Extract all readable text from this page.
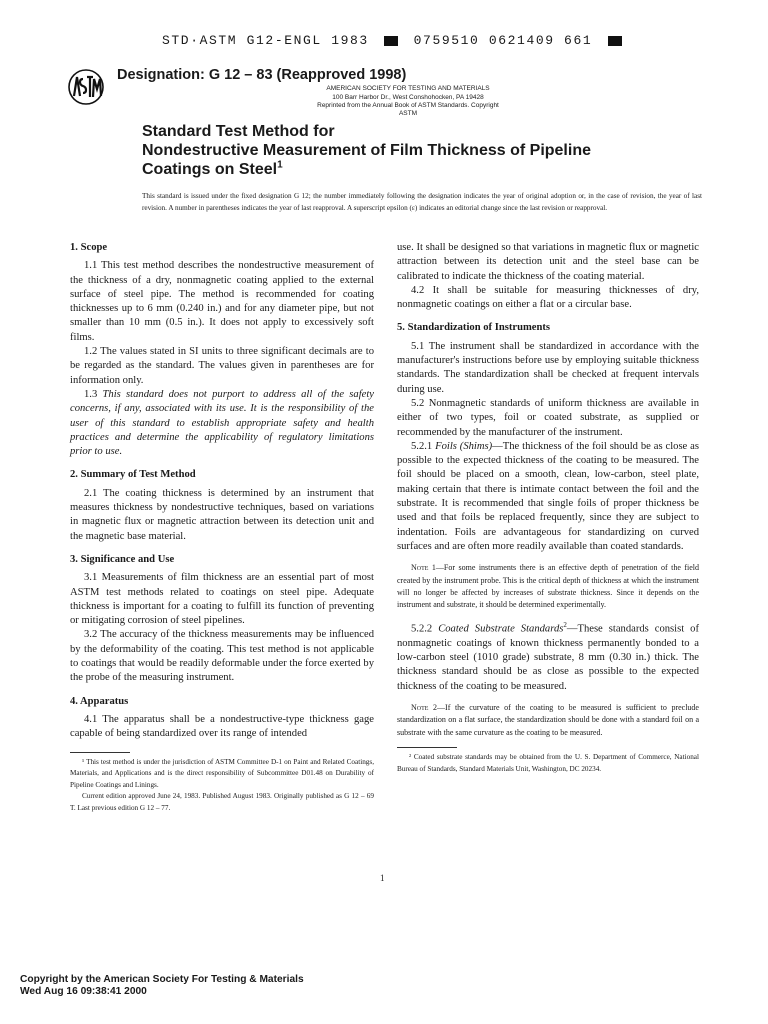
STD·ASTM G12-ENGL 1983	0759510 0621409 661
Designation: G 12 – 83 (Reapproved 1998)
AMERICAN SOCIETY FOR TESTING AND MATERIALS
100 Barr Harbor Dr., West Conshohocken, PA 19428
Reprinted from the Annual Book of ASTM Standards. Copyright ASTM
Standard Test Method for
Nondestructive Measurement of Film Thickness of Pipeline
Coatings on Steel$^1$
This standard is issued under the fixed designation G 12; the number immediately following the designation indicates the year of original adoption or, in the case of revision, the year of last revision. A number in parentheses indicates the year of last reapproval. A superscript epsilon (ε) indicates an editorial change since the last revision or reapproval.

1. Scope

1.1 This test method describes the nondestructive measurement of the thickness of a dry, nonmagnetic coating applied to the external surface of steel pipe. The method is recommended for coating thicknesses up to 6 mm (0.240 in.) and for any diameter pipe, but not smaller than 10 mm (0.5 in.). It does not apply to excessively soft films.

1.2 The values stated in SI units to three significant decimals are to be regarded as the standard. The values given in parentheses are for information only.

1.3 This standard does not purport to address all of the safety concerns, if any, associated with its use. It is the responsibility of the user of this standard to establish appropriate safety and health practices and determine the applicability of regulatory limitations prior to use.

2. Summary of Test Method

2.1 The coating thickness is determined by an instrument that measures thickness by nondestructive techniques, based on variations in magnetic flux or magnetic attraction between its detection unit and the magnetic base material.

3. Significance and Use

3.1 Measurements of film thickness are an essential part of most ASTM test methods related to coatings on steel pipe. Adequate thickness is important for a coating to fulfill its function of preventing or mitigating corrosion of steel pipelines.

3.2 The accuracy of the thickness measurements may be influenced by the deformability of the coating. This test method is not applicable to coatings that would be readily deformable under the force exerted by the probe of the measuring instrument.

4. Apparatus

4.1 The apparatus shall be a nondestructive-type thickness gage capable of being standardized over its range of intended

¹ This test method is under the jurisdiction of ASTM Committee D-1 on Paint and Related Coatings, Materials, and Applications and is the direct responsibility of Subcommittee D01.48 on Durability of Pipeline Coatings and Linings.

Current edition approved June 24, 1983. Published August 1983. Originally published as G 12 – 69 T. Last previous edition G 12 – 77.

use. It shall be designed so that variations in magnetic flux or magnetic attraction between its detection unit and the steel base can be calibrated to indicate the thickness of the coating material.

4.2 It shall be suitable for measuring thicknesses of dry, nonmagnetic coatings on either a flat or a circular base.

5. Standardization of Instruments

5.1 The instrument shall be standardized in accordance with the manufacturer's instructions before use by employing suitable thickness standards. The standardization shall be checked at frequent intervals during use.

5.2 Nonmagnetic standards of uniform thickness are available in either of two types, foil or coated substrate, as supplied or recommended by the manufacturer of the instrument.

5.2.1 Foils (Shims)—The thickness of the foil should be as close as possible to the expected thickness of the coating to be measured. The foil should be placed on a smooth, clean, low-carbon, steel plate, making certain that there is intimate contact between the foil and the substrate. It is recommended that single foils of proper thickness be used and that foils be replaced frequently, since they are subject to indentation. Foils are advantageous for standardizing on curved surfaces and are often more readily available than coated standards.

Note 1—For some instruments there is an effective depth of penetration of the field created by the instrument probe. This is the critical depth of thickness at which the instrument will no longer be affected by increases of substrate thickness. Since it depends on the instrument and substrate, it should be determined experimentally.

5.2.2 Coated Substrate Standards$^2$—These standards consist of nonmagnetic coatings of known thickness permanently bonded to a low-carbon steel (1010 grade) substrate, 8 mm (0.30 in.) thick. The thickness standard should be as close as possible to the expected thickness of the coating to be measured.

Note 2—If the curvature of the coating to be measured is sufficient to preclude standardization on a flat surface, the standardization should be done with a standard foil on a substrate with the same curvature as the coating to be measured.

² Coated substrate standards may be obtained from the U. S. Department of Commerce, National Bureau of Standards, Standard Materials Unit, Washington, DC 20234.

1
Copyright by the American Society For Testing & Materials
Wed Aug 16 09:38:41 2000
